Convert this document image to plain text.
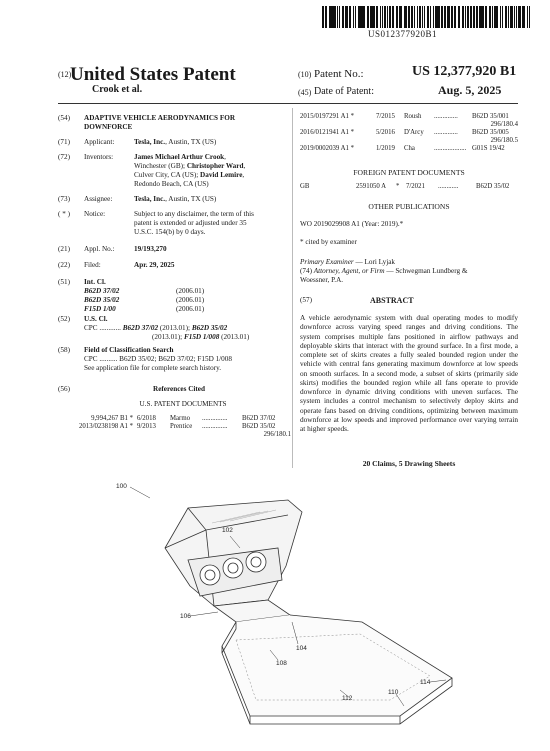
US012377920B1
(12)
United States Patent
Crook et al.
(10) Patent No.:	US 12,377,920 B1
(45) Date of Patent:	Aug. 5, 2025
(54)	ADAPTIVE VEHICLE AERODYNAMICS FOR DOWNFORCE
(71)	Applicant:	Tesla, Inc., Austin, TX (US)
(72)	Inventors:	James Michael Arthur Crook,
Winchester (GB); Christopher Ward,
Culver City, CA (US); David Lemire,
Redondo Beach, CA (US)
(73)	Assignee:	Tesla, Inc., Austin, TX (US)
( * )	Notice:	Subject to any disclaimer, the term of this
patent is extended or adjusted under 35
U.S.C. 154(b) by 0 days.
(21)	Appl. No.:	19/193,270
(22)	Filed:	Apr. 29, 2025
(51)	Int. Cl.
B62D 37/02	(2006.01)
B62D 35/02	(2006.01)
F15D 1/00	(2006.01)
(52)	U.S. Cl.
CPC ............ B62D 37/02 (2013.01); B62D 35/02
(2013.01); F15D 1/008 (2013.01)
(58)	Field of Classification Search
CPC .......... B62D 35/02; B62D 37/02; F15D 1/008
See application file for complete search history.
(56)	References Cited
U.S. PATENT DOCUMENTS
9,994,267 B1 * 6/2018	Marmo	...............	B62D 37/02
2013/0238198 A1 * 9/2013	Prentice	...............	B62D 35/02
296/180.1
2015/0197291 A1 *	7/2015	Roush	..............	B62D 35/001
296/180.4
2016/0121941 A1 *	5/2016	D'Arcy	..............	B62D 35/005
296/180.5
2019/0002039 A1 *	1/2019	Cha	................... G01S 19/42
FOREIGN PATENT DOCUMENTS
GB	2591050 A	* 7/2021	............	B62D 35/02
OTHER PUBLICATIONS
WO 2019029908 A1 (Year: 2019).*
* cited by examiner
Primary Examiner — Lori Lyjak
(74) Attorney, Agent, or Firm — Schwegman Lundberg &
Woessner, P.A.
(57)	ABSTRACT
A vehicle aerodynamic system with dual operating modes to modify downforce across varying speed ranges and driving conditions. The system comprises multiple fans positioned in airflow pathways and deployable skirts that interact with the ground surface. In a first mode, a complete set of skirts creates a fully sealed bounded region under the vehicle with central fans generating maximum downforce at low speeds on smooth surfaces. In a second mode, a subset of skirts (primarily side skirts) modifies the bounded region while all fans operate to provide downforce in dynamic driving conditions with uneven surfaces. The system includes a control mechanism to selectively deploy skirts and operate fans based on driving conditions, optimizing between maximum downforce at low speeds and improved performance over varying terrain at higher speeds.
20 Claims, 5 Drawing Sheets
100
102
106
104
108
112
110
114
